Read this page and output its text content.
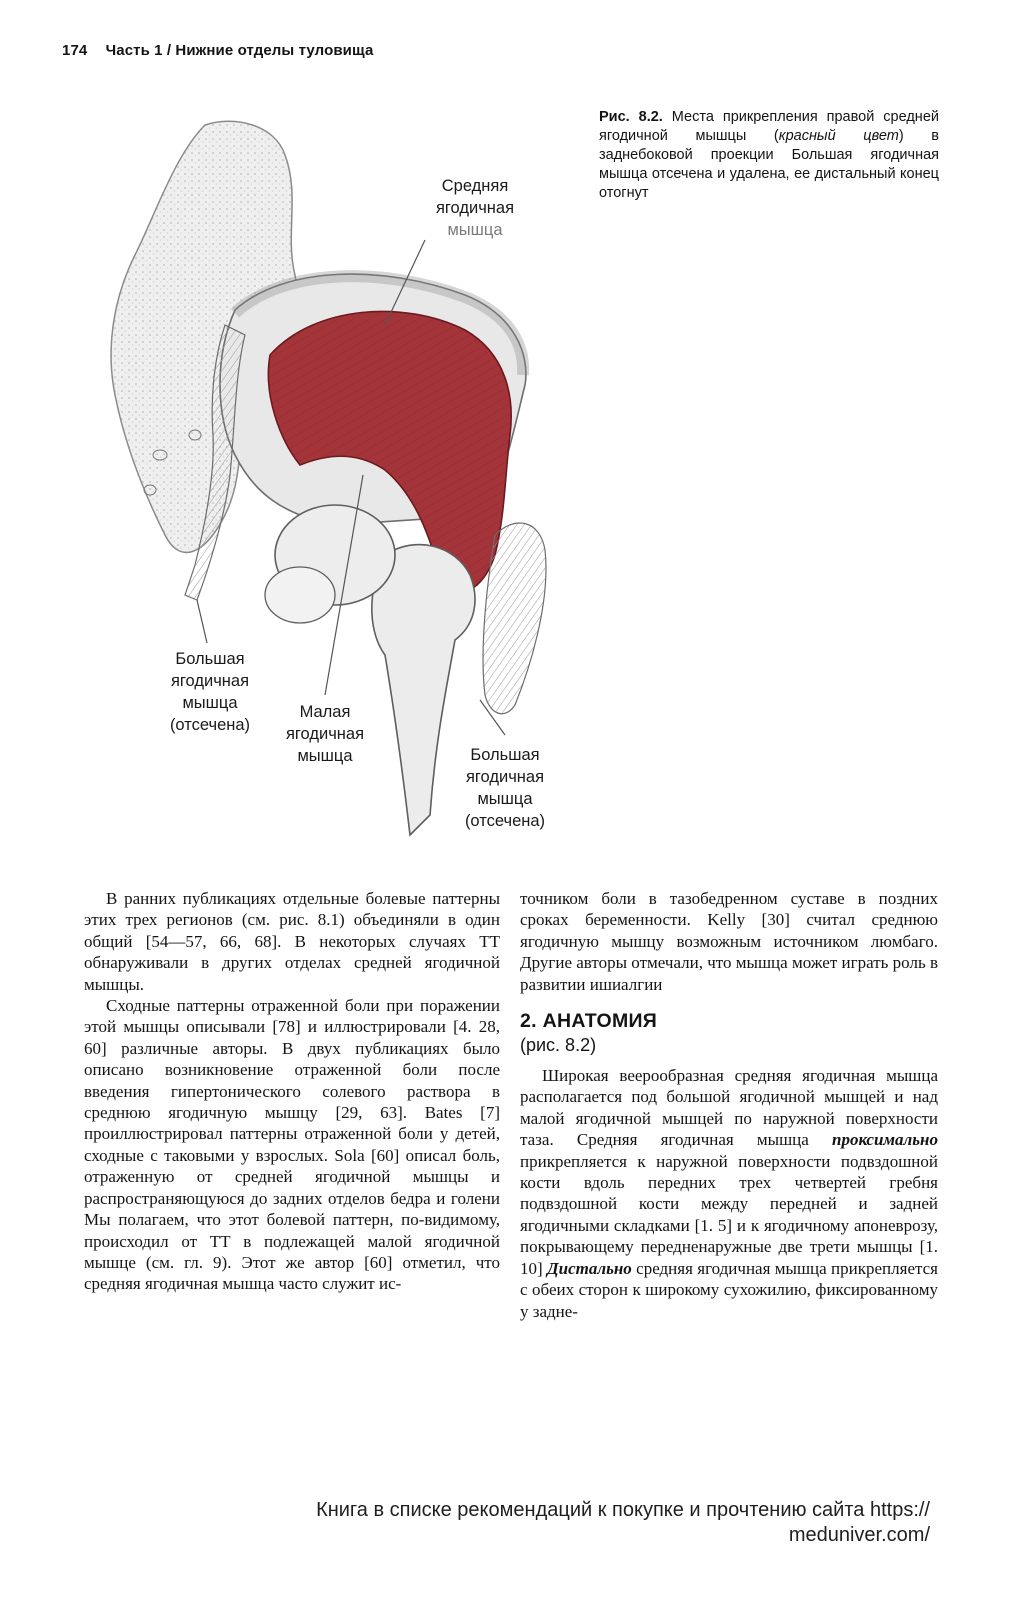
174 Часть 1 / Нижние отделы туловища
Средняя
ягодичная
мышца
Большая
ягодичная
мышца
(отсечена)
Малая
ягодичная
мышца	Большая
ягодичная
мышца
(отсечена)
Рис. 8.2. Места прикрепления правой средней ягодичной мышцы (красный цвет) в заднебоковой проекции Большая ягодичная мышца отсечена и удалена, ее дистальный конец отогнут

В ранних публикациях отдельные болевые паттерны этих трех регионов (см. рис. 8.1) объединяли в один общий [54—57, 66, 68]. В некоторых случаях ТТ обнаруживали в других отделах средней ягодичной мышцы.

Сходные паттерны отраженной боли при поражении этой мышцы описывали [78] и иллюстрировали [4. 28, 60] различные авторы. В двух публикациях было описано возникновение отраженной боли после введения гипертонического солевого раствора в среднюю ягодичную мышцу [29, 63]. Bates [7] проиллюстрировал паттерны отраженной боли у детей, сходные с таковыми у взрослых. Sola [60] описал боль, отраженную от средней ягодичной мышцы и распространяющуюся до задних отделов бедра и голени Мы полагаем, что этот болевой паттерн, по-видимому, происходил от ТТ в подлежащей малой ягодичной мышце (см. гл. 9). Этот же автор [60] отметил, что средняя ягодичная мышца часто служит ис-

точником боли в тазобедренном суставе в поздних сроках беременности. Kelly [30] считал среднюю ягодичную мышцу возможным источником люмбаго. Другие авторы отмечали, что мышца может играть роль в развитии ишиалгии

2. АНАТОМИЯ
(рис. 8.2)

Широкая веерообразная средняя ягодичная мышца располагается под большой ягодичной мышцей и над малой ягодичной мышцей по наружной поверхности таза. Средняя ягодичная мышца проксимально прикрепляется к наружной поверхности подвздошной кости вдоль передних трех четвертей гребня подвздошной кости между передней и задней ягодичными складками [1. 5] и к ягодичному апоневрозу, покрывающему передненаружные две трети мышцы [1. 10] Дистально средняя ягодичная мышца прикрепляется с обеих сторон к широкому сухожилию, фиксированному у задне-

Книга в списке рекомендаций к покупке и прочтению сайта https://
meduniver.com/
